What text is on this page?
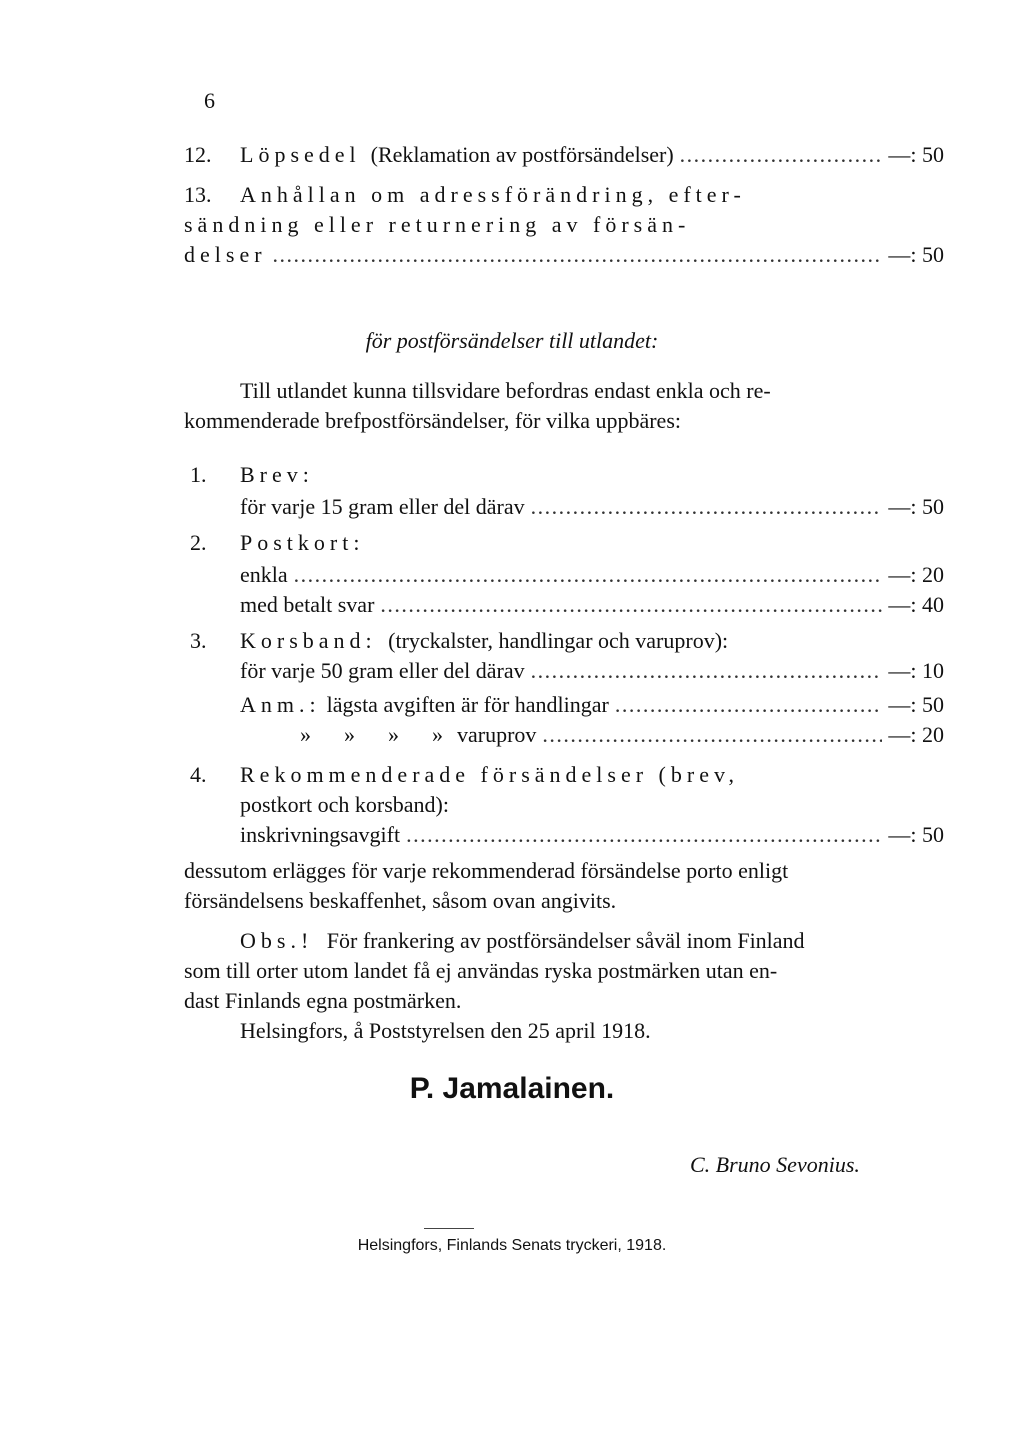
6
12.	Löpsedel (Reklamation av postförsändelser) .....	—: 50
13. Anhållan om adressförändring, efter-
sändning eller returnering av försän-
delser .....	—: 50
för postförsändelser till utlandet:
Till utlandet kunna tillsvidare befordras endast enkla och re-
kommenderade brefpostförsändelser, för vilka uppbäres:
1. Brev:
för varje 15 gram eller del därav .....	—: 50
2. Postkort:
enkla .....	—: 20
med betalt svar .....	—: 40
3. Korsband: (tryckalster, handlingar och varuprov):
för varje 50 gram eller del därav .....	—: 10
Anm.: lägsta avgiften är för handlingar .....	—: 50
»      »      »      » varuprov .....	—: 20
4. Rekommenderade försändelser (brev,
postkort och korsband):
inskrivningsavgift .....	—: 50
dessutom erlägges för varje rekommenderad försändelse porto enligt
försändelsens beskaffenhet, såsom ovan angivits.
Obs.! För frankering av postförsändelser såväl inom Finland
som till orter utom landet få ej användas ryska postmärken utan en-
dast Finlands egna postmärken.
Helsingfors, å Poststyrelsen den 25 april 1918.
P. Jamalainen.
C. Bruno Sevonius.
Helsingfors, Finlands Senats tryckeri, 1918.
